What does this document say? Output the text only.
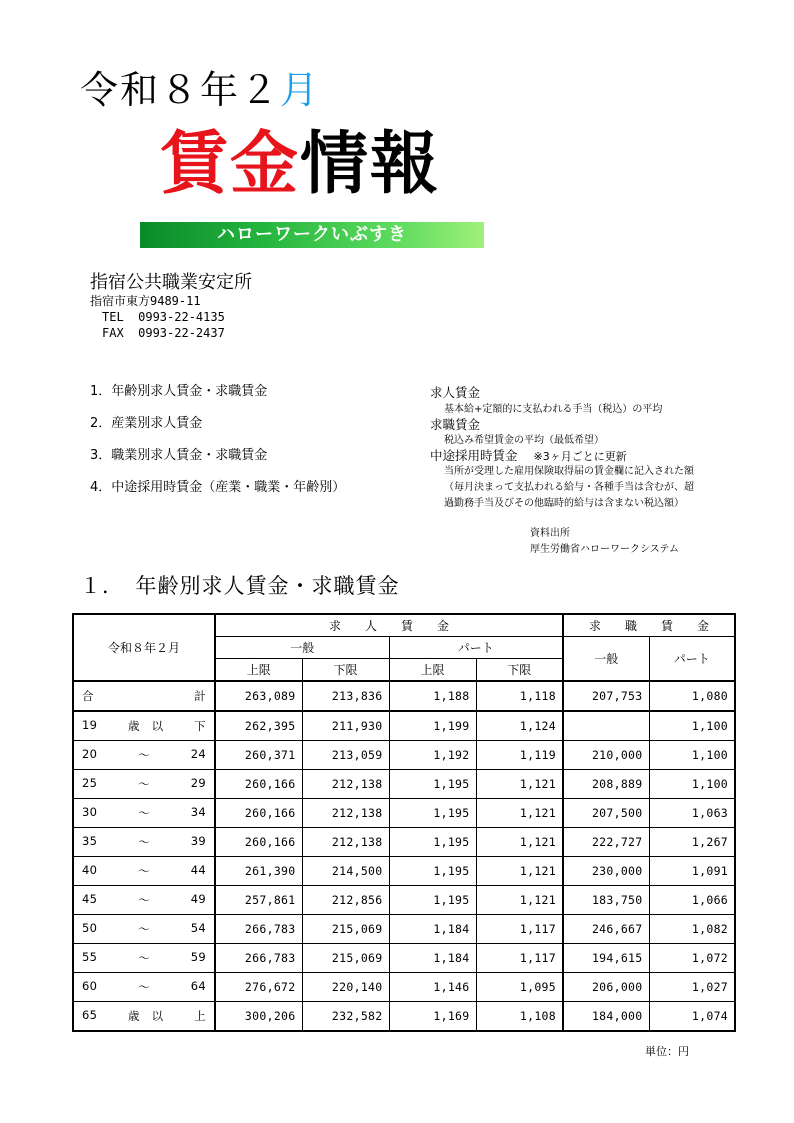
令和８年２月
賃金情報
ハローワークいぶすき
指宿公共職業安定所
指宿市東方9489-11
TEL  0993-22-4135
FAX  0993-22-2437
1．年齢別求人賃金・求職賃金
2．産業別求人賃金
3．職業別求人賃金・求職賃金
4．中途採用時賃金（産業・職業・年齢別）
求人賃金
基本給+定額的に支払われる手当（税込）の平均
求職賃金
税込み希望賃金の平均（最低希望）
中途採用時賃金 ※3ヶ月ごとに更新
当所が受理した雇用保険取得届の賃金欄に記入された額
（毎月決まって支払われる給与・各種手当は含むが、超
過勤務手当及びその他臨時的給与は含まない税込額）
資料出所
厚生労働省ハローワークシステム
１．　年齢別求人賃金・求職賃金
令和８年２月	求　　人　　賃　　金				求　　職　　賃　　金	
	一般		パート		一般	パート
	上限	下限	上限	下限		

合 計	263,089	213,836	1,188	1,118	207,753	1,080

19 歳　以 下	262,395	211,930	1,199	1,124		1,100

20 ～ 24	260,371	213,059	1,192	1,119	210,000	1,100

25 ～ 29	260,166	212,138	1,195	1,121	208,889	1,100

30 ～ 34	260,166	212,138	1,195	1,121	207,500	1,063

35 ～ 39	260,166	212,138	1,195	1,121	222,727	1,267

40 ～ 44	261,390	214,500	1,195	1,121	230,000	1,091

45 ～ 49	257,861	212,856	1,195	1,121	183,750	1,066

50 ～ 54	266,783	215,069	1,184	1,117	246,667	1,082

55 ～ 59	266,783	215,069	1,184	1,117	194,615	1,072

60 ～ 64	276,672	220,140	1,146	1,095	206,000	1,027

65 歳　以 上	300,206	232,582	1,169	1,108	184,000	1,074
単位：円
